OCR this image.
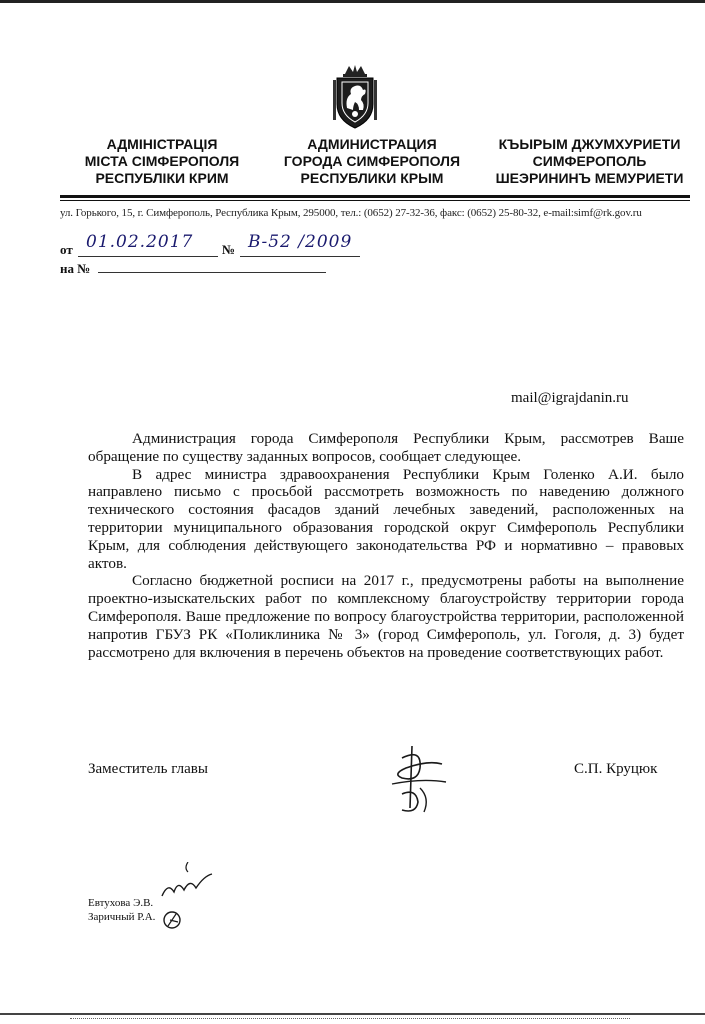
АДМІНІСТРАЦІЯ
МІСТА СІМФЕРОПОЛЯ
РЕСПУБЛІКИ КРИМ
АДМИНИСТРАЦИЯ
ГОРОДА СИМФЕРОПОЛЯ
РЕСПУБЛИКИ КРЫМ
КЪЫРЫМ ДЖУМХУРИЕТИ
СИМФЕРОПОЛЬ
ШЕЭРИНИНЪ МЕМУРИЕТИ
ул. Горького, 15, г. Симферополь, Республика Крым, 295000, тел.: (0652) 27-32-36, факс: (0652) 25-80-32, e-mail:simf@rk.gov.ru
от 01.02.2017 № В-52 /2009
на №
mail@igrajdanin.ru

Администрация города Симферополя Республики Крым, рассмотрев Ваше обращение по существу заданных вопросов, сообщает следующее.

В адрес министра здравоохранения Республики Крым Голенко А.И. было направлено письмо с просьбой рассмотреть возможность по наведению должного технического состояния фасадов зданий лечебных заведений, расположенных на территории муниципального образования городской округ Симферополь Республики Крым, для соблюдения действующего законодательства РФ и нормативно – правовых актов.

Согласно бюджетной росписи на 2017 г., предусмотрены работы на выполнение проектно-изыскательских работ по комплексному благоустройству территории города Симферополя. Ваше предложение по вопросу благоустройства территории, расположенной напротив ГБУЗ РК «Поликлиника № 3» (город Симферополь, ул. Гоголя, д. 3) будет рассмотрено для включения в перечень объектов на проведение соответствующих работ.

Заместитель главы	С.П. Круцюк
Евтухова Э.В.
Заричный Р.А.
